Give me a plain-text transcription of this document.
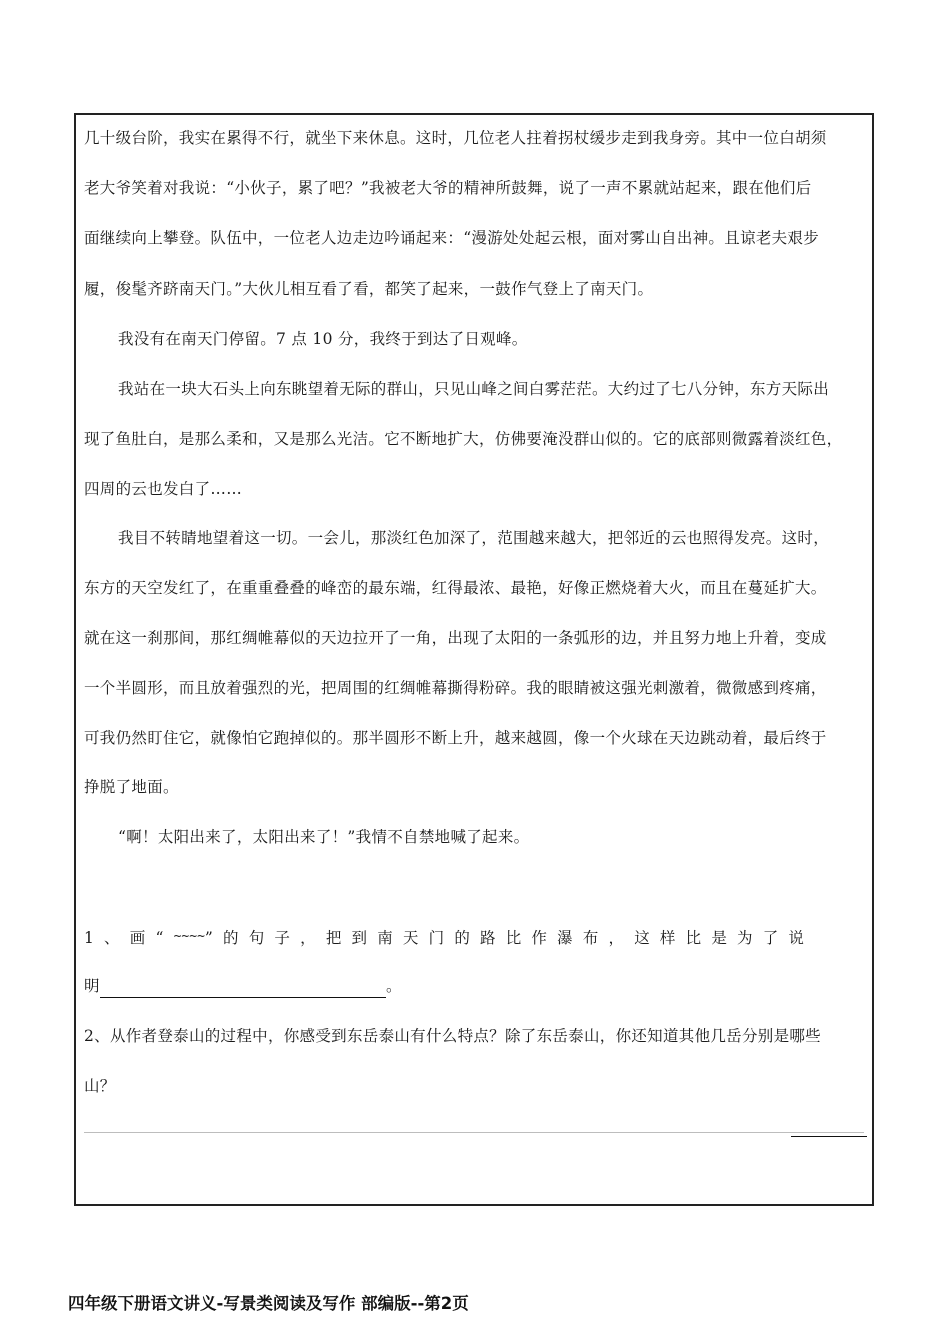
几十级台阶，我实在累得不行，就坐下来休息。这时，几位老人拄着拐杖缓步走到我身旁。其中一位白胡须
老大爷笑着对我说：“小伙子，累了吧？”我被老大爷的精神所鼓舞，说了一声不累就站起来，跟在他们后
面继续向上攀登。队伍中，一位老人边走边吟诵起来：“漫游处处起云根，面对雾山自出神。且谅老夫艰步
履，俊髦齐跻南天门。”大伙儿相互看了看，都笑了起来，一鼓作气登上了南天门。
我没有在南天门停留。7 点 10 分，我终于到达了日观峰。
我站在一块大石头上向东眺望着无际的群山，只见山峰之间白雾茫茫。大约过了七八分钟，东方天际出
现了鱼肚白，是那么柔和，又是那么光洁。它不断地扩大，仿佛要淹没群山似的。它的底部则微露着淡红色，
四周的云也发白了……
我目不转睛地望着这一切。一会儿，那淡红色加深了，范围越来越大，把邻近的云也照得发亮。这时，
东方的天空发红了，在重重叠叠的峰峦的最东端，红得最浓、最艳，好像正燃烧着大火，而且在蔓延扩大。
就在这一刹那间，那红绸帷幕似的天边拉开了一角，出现了太阳的一条弧形的边，并且努力地上升着，变成
一个半圆形，而且放着强烈的光，把周围的红绸帷幕撕得粉碎。我的眼睛被这强光刺激着，微微感到疼痛，
可我仍然盯住它，就像怕它跑掉似的。那半圆形不断上升，越来越圆，像一个火球在天边跳动着，最后终于
挣脱了地面。
“啊！太阳出来了，太阳出来了！”我情不自禁地喊了起来。
1、画“~~~~”的句子，把到南天门的路比作瀑布，这样比是为了说
明	。
2、从作者登泰山的过程中，你感受到东岳泰山有什么特点？除了东岳泰山，你还知道其他几岳分别是哪些
山？
四年级下册语文讲义-写景类阅读及写作 部编版--第2页
